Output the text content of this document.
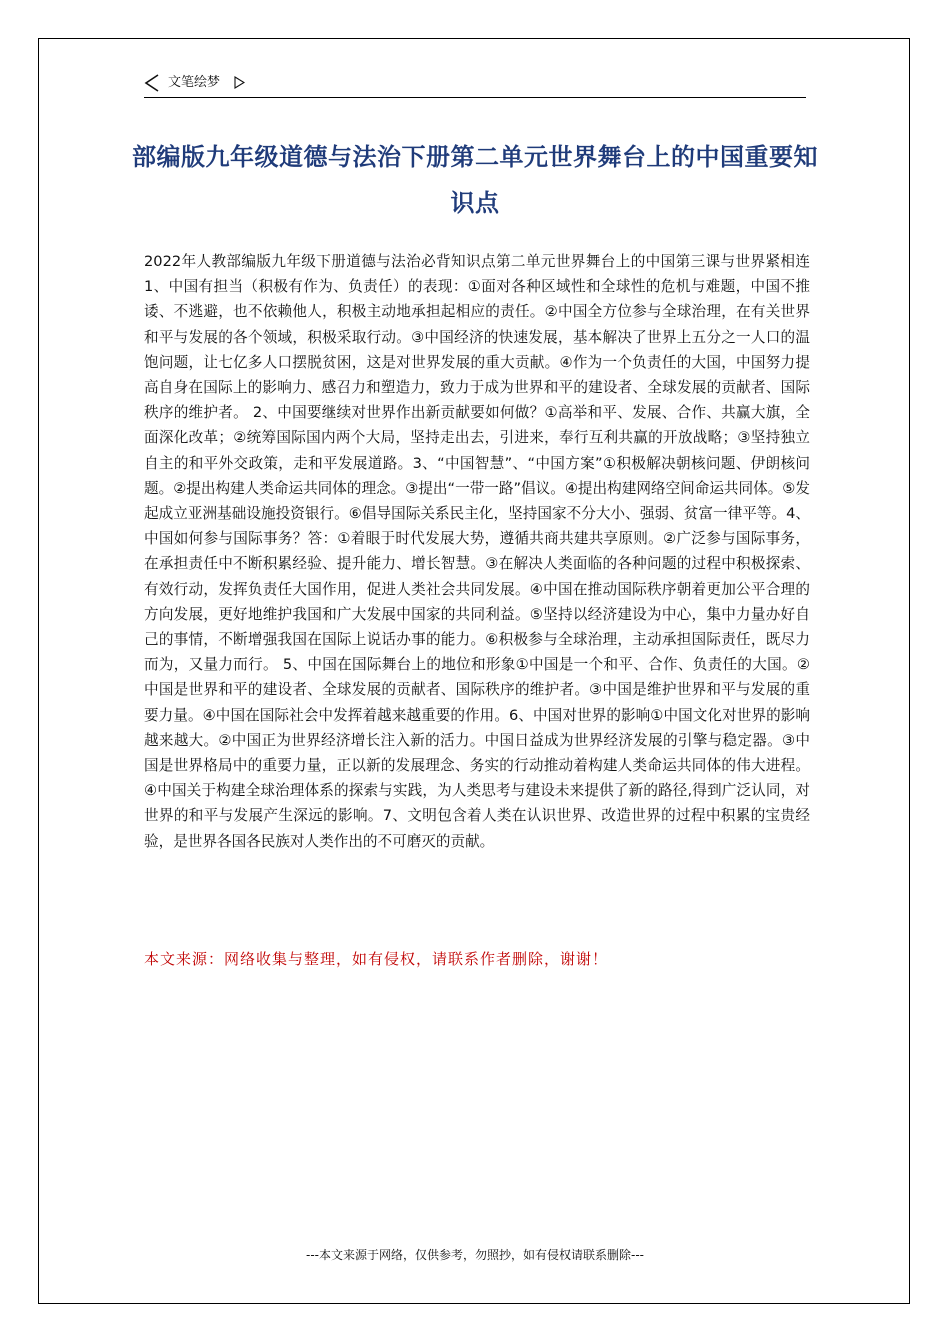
文笔绘梦
部编版九年级道德与法治下册第二单元世界舞台上的中国重要知识点
2022年人教部编版九年级下册道德与法治必背知识点第二单元世界舞台上的中国第三课与世界紧相连 1、中国有担当（积极有作为、负责任）的表现：①面对各种区域性和全球性的危机与难题，中国不推诿、不逃避，也不依赖他人，积极主动地承担起相应的责任。②中国全方位参与全球治理，在有关世界和平与发展的各个领域，积极采取行动。③中国经济的快速发展，基本解决了世界上五分之一人口的温饱问题，让七亿多人口摆脱贫困，这是对世界发展的重大贡献。④作为一个负责任的大国，中国努力提高自身在国际上的影响力、感召力和塑造力，致力于成为世界和平的建设者、全球发展的贡献者、国际秩序的维护者。 2、中国要继续对世界作出新贡献要如何做？①高举和平、发展、合作、共赢大旗，全面深化改革；②统筹国际国内两个大局，坚持走出去，引进来，奉行互利共赢的开放战略；③坚持独立自主的和平外交政策，走和平发展道路。3、“中国智慧”、“中国方案”①积极解决朝核问题、伊朗核问题。②提出构建人类命运共同体的理念。③提出“一带一路”倡议。④提出构建网络空间命运共同体。⑤发起成立亚洲基础设施投资银行。⑥倡导国际关系民主化，坚持国家不分大小、强弱、贫富一律平等。4、中国如何参与国际事务？答：①着眼于时代发展大势，遵循共商共建共享原则。②广泛参与国际事务，在承担责任中不断积累经验、提升能力、增长智慧。③在解决人类面临的各种问题的过程中积极探索、有效行动，发挥负责任大国作用，促进人类社会共同发展。④中国在推动国际秩序朝着更加公平合理的方向发展，更好地维护我国和广大发展中国家的共同利益。⑤坚持以经济建设为中心，集中力量办好自己的事情，不断增强我国在国际上说话办事的能力。⑥积极参与全球治理，主动承担国际责任，既尽力而为，又量力而行。 5、中国在国际舞台上的地位和形象①中国是一个和平、合作、负责任的大国。②中国是世界和平的建设者、全球发展的贡献者、国际秩序的维护者。③中国是维护世界和平与发展的重要力量。④中国在国际社会中发挥着越来越重要的作用。6、中国对世界的影响①中国文化对世界的影响越来越大。②中国正为世界经济增长注入新的活力。中国日益成为世界经济发展的引擎与稳定器。③中国是世界格局中的重要力量，正以新的发展理念、务实的行动推动着构建人类命运共同体的伟大进程。④中国关于构建全球治理体系的探索与实践，为人类思考与建设未来提供了新的路径,得到广泛认同，对世界的和平与发展产生深远的影响。7、文明包含着人类在认识世界、改造世界的过程中积累的宝贵经验，是世界各国各民族对人类作出的不可磨灭的贡献。
本文来源：网络收集与整理，如有侵权，请联系作者删除，谢谢！
---本文来源于网络，仅供参考，勿照抄，如有侵权请联系删除---
